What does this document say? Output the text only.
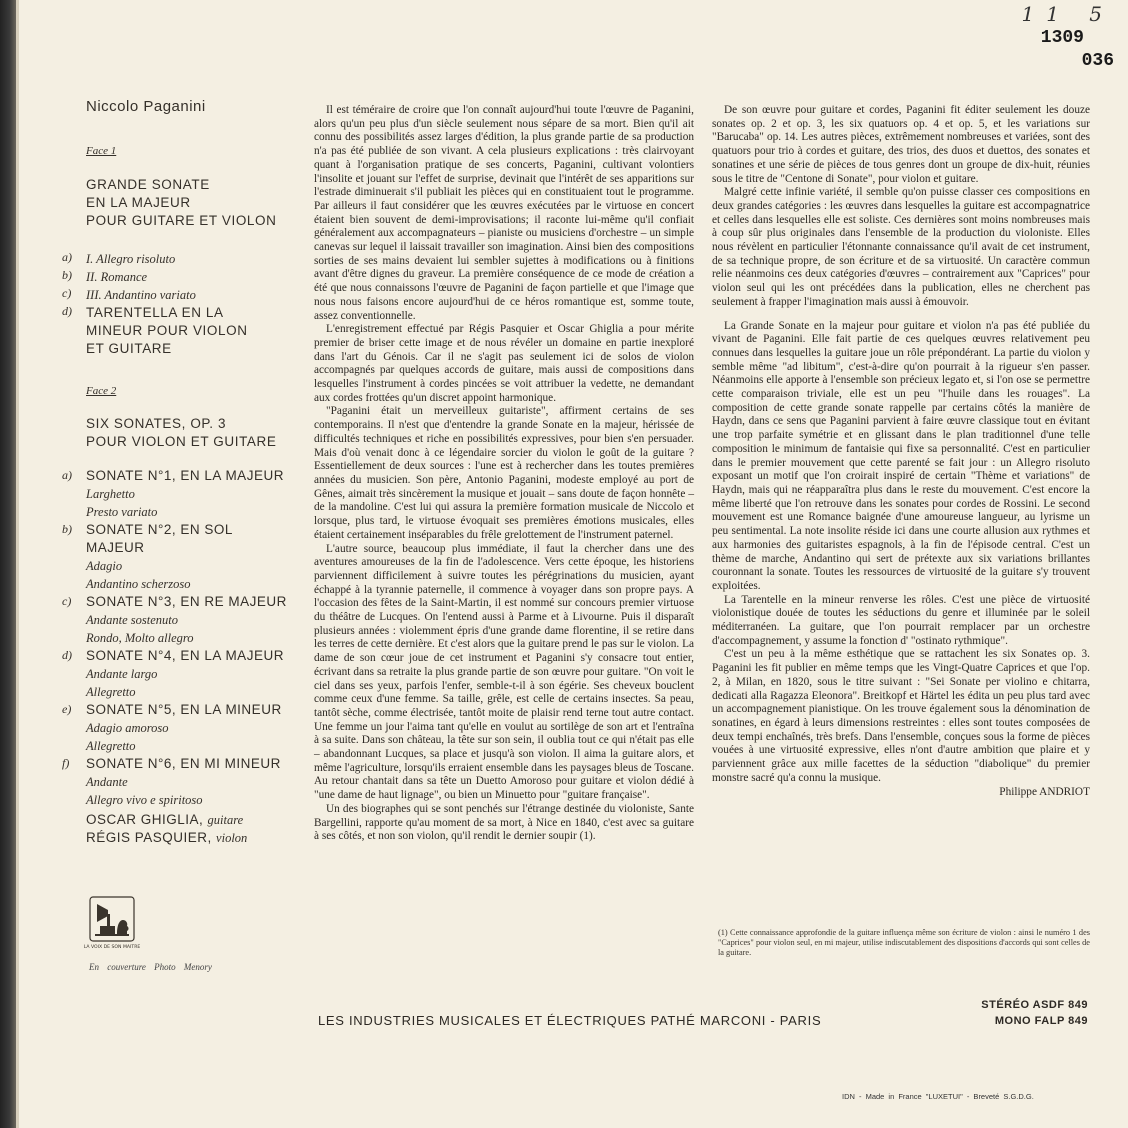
11 5
1309
036
Niccolo Paganini
Face 1
GRANDE SONATE
EN LA MAJEUR
POUR GUITARE ET VIOLON
a) I. Allegro risoluto
b) II. Romance
c) III. Andantino variato
d) TARENTELLA EN LA
MINEUR POUR VIOLON
ET GUITARE
Face 2
SIX SONATES, OP. 3
POUR VIOLON ET GUITARE
a) SONATE N°1, EN LA MAJEUR
Larghetto
Presto variato
b) SONATE N°2, EN SOL
MAJEUR
Adagio
Andantino scherzoso
c) SONATE N°3, EN RE MAJEUR
Andante sostenuto
Rondo, Molto allegro
d) SONATE N°4, EN LA MAJEUR
Andante largo
Allegretto
e) SONATE N°5, EN LA MINEUR
Adagio amoroso
Allegretto
f) SONATE N°6, EN MI MINEUR
Andante
Allegro vivo e spiritoso
OSCAR GHIGLIA, guitare
RÉGIS PASQUIER, violon
LA VOIX DE SON MAITRE
En couverture Photo Menory

Il est téméraire de croire que l'on connaît aujourd'hui toute l'œuvre de Paganini, alors qu'un peu plus d'un siècle seulement nous sépare de sa mort. Bien qu'il ait connu des possibilités assez larges d'édition, la plus grande partie de sa production n'a pas été publiée de son vivant. A cela plusieurs explications : très clairvoyant quant à l'organisation pratique de ses concerts, Paganini, cultivant volontiers l'insolite et jouant sur l'effet de surprise, devinait que l'intérêt de ses apparitions sur l'estrade diminuerait s'il publiait les pièces qui en constituaient tout le programme. Par ailleurs il faut considérer que les œuvres exécutées par le virtuose en concert étaient bien souvent de demi-improvisations; il raconte lui-même qu'il confiait généralement aux accompagnateurs – pianiste ou musiciens d'orchestre – un simple canevas sur lequel il laissait travailler son imagination. Ainsi bien des compositions sorties de ses mains devaient lui sembler sujettes à modifications ou à finitions avant d'être dignes du graveur. La première conséquence de ce mode de création a été que nous connaissons l'œuvre de Paganini de façon partielle et que l'image que nous nous faisons encore aujourd'hui de ce héros romantique est, somme toute, assez conventionnelle.

L'enregistrement effectué par Régis Pasquier et Oscar Ghiglia a pour mérite premier de briser cette image et de nous révéler un domaine en partie inexploré dans l'art du Génois. Car il ne s'agit pas seulement ici de solos de violon accompagnés par quelques accords de guitare, mais aussi de compositions dans lesquelles l'instrument à cordes pincées se voit attribuer la vedette, ne demandant aux cordes frottées qu'un discret appoint harmonique.

"Paganini était un merveilleux guitariste", affirment certains de ses contemporains. Il n'est que d'entendre la grande Sonate en la majeur, hérissée de difficultés techniques et riche en possibilités expressives, pour bien s'en persuader. Mais d'où venait donc à ce légendaire sorcier du violon le goût de la guitare ? Essentiellement de deux sources : l'une est à rechercher dans les toutes premières années du musicien. Son père, Antonio Paganini, modeste employé au port de Gênes, aimait très sincèrement la musique et jouait – sans doute de façon honnête – de la mandoline. C'est lui qui assura la première formation musicale de Niccolo et lorsque, plus tard, le virtuose évoquait ses premières émotions musicales, elles étaient certainement inséparables du frêle grelottement de l'instrument paternel.

L'autre source, beaucoup plus immédiate, il faut la chercher dans une des aventures amoureuses de la fin de l'adolescence. Vers cette époque, les historiens parviennent difficilement à suivre toutes les pérégrinations du musicien, ayant échappé à la tyrannie paternelle, il commence à voyager dans son propre pays. A l'occasion des fêtes de la Saint-Martin, il est nommé sur concours premier virtuose du théâtre de Lucques. On l'entend aussi à Parme et à Livourne. Puis il disparaît plusieurs années : violemment épris d'une grande dame florentine, il se retire dans les terres de cette dernière. Et c'est alors que la guitare prend le pas sur le violon. La dame de son cœur joue de cet instrument et Paganini s'y consacre tout entier, écrivant dans sa retraite la plus grande partie de son œuvre pour guitare. "On voit le ciel dans ses yeux, parfois l'enfer, semble-t-il à son égérie. Ses cheveux bouclent comme ceux d'une femme. Sa taille, grêle, est celle de certains insectes. Sa peau, tantôt sèche, comme électrisée, tantôt moite de plaisir rend terne tout autre contact. Une femme un jour l'aima tant qu'elle en voulut au sortilège de son art et l'entraîna à sa suite. Dans son château, la tête sur son sein, il oublia tout ce qui n'était pas elle – abandonnant Lucques, sa place et jusqu'à son violon. Il aima la guitare alors, et même l'agriculture, lorsqu'ils erraient ensemble dans les paysages bleus de Toscane. Au retour chantait dans sa tête un Duetto Amoroso pour guitare et violon dédié à "une dame de haut lignage", ou bien un Minuetto pour "guitare française".

Un des biographes qui se sont penchés sur l'étrange destinée du violoniste, Sante Bargellini, rapporte qu'au moment de sa mort, à Nice en 1840, c'est avec sa guitare à ses côtés, et non son violon, qu'il rendit le dernier soupir (1).

De son œuvre pour guitare et cordes, Paganini fit éditer seulement les douze sonates op. 2 et op. 3, les six quatuors op. 4 et op. 5, et les variations sur "Barucaba" op. 14. Les autres pièces, extrêmement nombreuses et variées, sont des quatuors pour trio à cordes et guitare, des trios, des duos et duettos, des sonates et sonatines et une série de pièces de tous genres dont un groupe de dix-huit, réunies sous le titre de "Centone di Sonate", pour violon et guitare.

Malgré cette infinie variété, il semble qu'on puisse classer ces compositions en deux grandes catégories : les œuvres dans lesquelles la guitare est accompagnatrice et celles dans lesquelles elle est soliste. Ces dernières sont moins nombreuses mais à coup sûr plus originales dans l'ensemble de la production du violoniste. Elles nous révèlent en particulier l'étonnante connaissance qu'il avait de cet instrument, de sa technique propre, de son écriture et de sa virtuosité. Un caractère commun relie néanmoins ces deux catégories d'œuvres – contrairement aux "Caprices" pour violon seul qui les ont précédées dans la publication, elles ne cherchent pas seulement à frapper l'imagination mais aussi à émouvoir.

La Grande Sonate en la majeur pour guitare et violon n'a pas été publiée du vivant de Paganini. Elle fait partie de ces quelques œuvres relativement peu connues dans lesquelles la guitare joue un rôle prépondérant. La partie du violon y semble même "ad libitum", c'est-à-dire qu'on pourrait à la rigueur s'en passer. Néanmoins elle apporte à l'ensemble son précieux legato et, si l'on ose se permettre cette comparaison triviale, elle est un peu "l'huile dans les rouages". La composition de cette grande sonate rappelle par certains côtés la manière de Haydn, dans ce sens que Paganini parvient à faire œuvre classique tout en évitant une trop parfaite symétrie et en glissant dans le plan traditionnel d'une telle composition le minimum de fantaisie qui fixe sa personnalité. C'est en particulier dans le premier mouvement que cette parenté se fait jour : un Allegro risoluto exposant un motif que l'on croirait inspiré de certain "Thème et variations" de Haydn, mais qui ne réapparaîtra plus dans le reste du mouvement. C'est encore la même liberté que l'on retrouve dans les sonates pour cordes de Rossini. Le second mouvement est une Romance baignée d'une amoureuse langueur, au lyrisme un peu sentimental. La note insolite réside ici dans une courte allusion aux rythmes et aux harmonies des guitaristes espagnols, à la fin de l'épisode central. C'est un thème de marche, Andantino qui sert de prétexte aux six variations brillantes couronnant la sonate. Toutes les ressources de virtuosité de la guitare s'y trouvent exploitées.

La Tarentelle en la mineur renverse les rôles. C'est une pièce de virtuosité violonistique douée de toutes les séductions du genre et illuminée par le soleil méditerranéen. La guitare, que l'on pourrait remplacer par un orchestre d'accompagnement, y assume la fonction d' "ostinato rythmique".

C'est un peu à la même esthétique que se rattachent les six Sonates op. 3. Paganini les fit publier en même temps que les Vingt-Quatre Caprices et que l'op. 2, à Milan, en 1820, sous le titre suivant : "Sei Sonate per violino e chitarra, dedicati alla Ragazza Eleonora". Breitkopf et Härtel les édita un peu plus tard avec un accompagnement pianistique. On les trouve également sous la dénomination de sonatines, en égard à leurs dimensions restreintes : elles sont toutes composées de deux tempi enchaînés, très brefs. Dans l'ensemble, conçues sous la forme de pièces vouées à une virtuosité expressive, elles n'ont d'autre ambition que plaire et y parviennent grâce aux mille facettes de la séduction "diabolique" du premier monstre sacré qu'a connu la musique.

Philippe ANDRIOT
(1) Cette connaissance approfondie de la guitare influença même son écriture de violon : ainsi le numéro 1 des "Caprices" pour violon seul, en mi majeur, utilise indiscutablement des dispositions d'accords qui sont celles de la guitare.
STÉRÉO ASDF 849
MONO FALP 849
LES INDUSTRIES MUSICALES ET ÉLECTRIQUES PATHÉ MARCONI - PARIS
IDN - Made in France "LUXETUI" - Breveté S.G.D.G.
